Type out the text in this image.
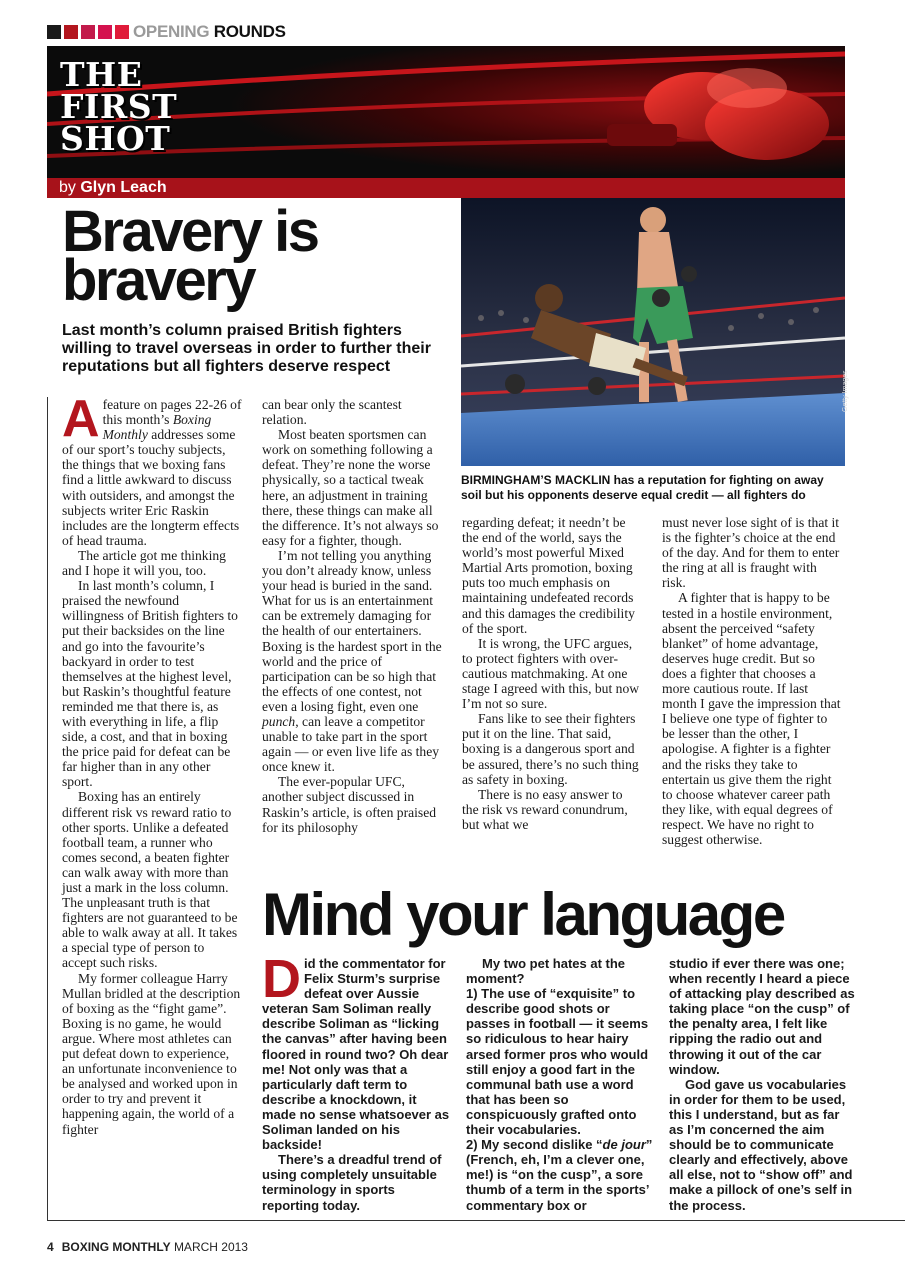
OPENING ROUNDS
THE
FIRST
SHOT
by Glyn Leach
Bravery is
bravery
Last month’s column praised British fighters willing to travel overseas in order to further their reputations but all fighters deserve respect
Getty Images
BIRMINGHAM’S MACKLIN has a reputation for fighting on away soil but his opponents deserve equal credit — all fighters do

Afeature on pages 22-26 of this month’s Boxing Monthly addresses some of our sport’s touchy subjects, the things that we boxing fans find a little awkward to discuss with outsiders, and amongst the subjects writer Eric Raskin includes are the longterm effects of head trauma.

The article got me thinking and I hope it will you, too.

In last month’s column, I praised the newfound willingness of British fighters to put their backsides on the line and go into the favourite’s backyard in order to test themselves at the highest level, but Raskin’s thoughtful feature reminded me that there is, as with everything in life, a flip side, a cost, and that in boxing the price paid for defeat can be far higher than in any other sport.

Boxing has an entirely different risk vs reward ratio to other sports. Unlike a defeated football team, a runner who comes second, a beaten fighter can walk away with more than just a mark in the loss column. The unpleasant truth is that fighters are not guaranteed to be able to walk away at all. It takes a special type of person to accept such risks.

My former colleague Harry Mullan bridled at the description of boxing as the “fight game”. Boxing is no game, he would argue. Where most athletes can put defeat down to experience, an unfortunate inconvenience to be analysed and worked upon in order to try and prevent it happening again, the world of a fighter

can bear only the scantest relation.

Most beaten sportsmen can work on something following a defeat. They’re none the worse physically, so a tactical tweak here, an adjustment in training there, these things can make all the difference. It’s not always so easy for a fighter, though.

I’m not telling you anything you don’t already know, unless your head is buried in the sand. What for us is an entertainment can be extremely damaging for the health of our entertainers. Boxing is the hardest sport in the world and the price of participation can be so high that the effects of one contest, not even a losing fight, even one punch, can leave a competitor unable to take part in the sport again — or even live life as they once knew it.

The ever-popular UFC, another subject discussed in Raskin’s article, is often praised for its philosophy

regarding defeat; it needn’t be the end of the world, says the world’s most powerful Mixed Martial Arts promotion, boxing puts too much emphasis on maintaining undefeated records and this damages the credibility of the sport.

It is wrong, the UFC argues, to protect fighters with over-cautious matchmaking. At one stage I agreed with this, but now I’m not so sure.

Fans like to see their fighters put it on the line. That said, boxing is a dangerous sport and be assured, there’s no such thing as safety in boxing.

There is no easy answer to the risk vs reward conundrum, but what we

must never lose sight of is that it is the fighter’s choice at the end of the day. And for them to enter the ring at all is fraught with risk.

A fighter that is happy to be tested in a hostile environment, absent the perceived “safety blanket” of home advantage, deserves huge credit. But so does a fighter that chooses a more cautious route. If last month I gave the impression that I believe one type of fighter to be lesser than the other, I apologise. A fighter is a fighter and the risks they take to entertain us give them the right to choose whatever career path they like, with equal degrees of respect. We have no right to suggest otherwise.

Mind your language

Did the commentator for Felix Sturm’s surprise defeat over Aussie veteran Sam Soliman really describe Soliman as “licking the canvas” after having been floored in round two? Oh dear me! Not only was that a particularly daft term to describe a knockdown, it made no sense whatsoever as Soliman landed on his backside!

There’s a dreadful trend of using completely unsuitable terminology in sports reporting today.

My two pet hates at the moment?

1) The use of “exquisite” to describe good shots or passes in football — it seems so ridiculous to hear hairy arsed former pros who would still enjoy a good fart in the communal bath use a word that has been so conspicuously grafted onto their vocabularies.

2) My second dislike “de jour” (French, eh, I’m a clever one, me!) is “on the cusp”, a sore thumb of a term in the sports’ commentary box or

studio if ever there was one; when recently I heard a piece of attacking play described as taking place “on the cusp” of the penalty area, I felt like ripping the radio out and throwing it out of the car window.

God gave us vocabularies in order for them to be used, this I understand, but as far as I’m concerned the aim should be to communicate clearly and effectively, above all else, not to “show off” and make a pillock of one’s self in the process.

4 BOXING MONTHLY MARCH 2013
